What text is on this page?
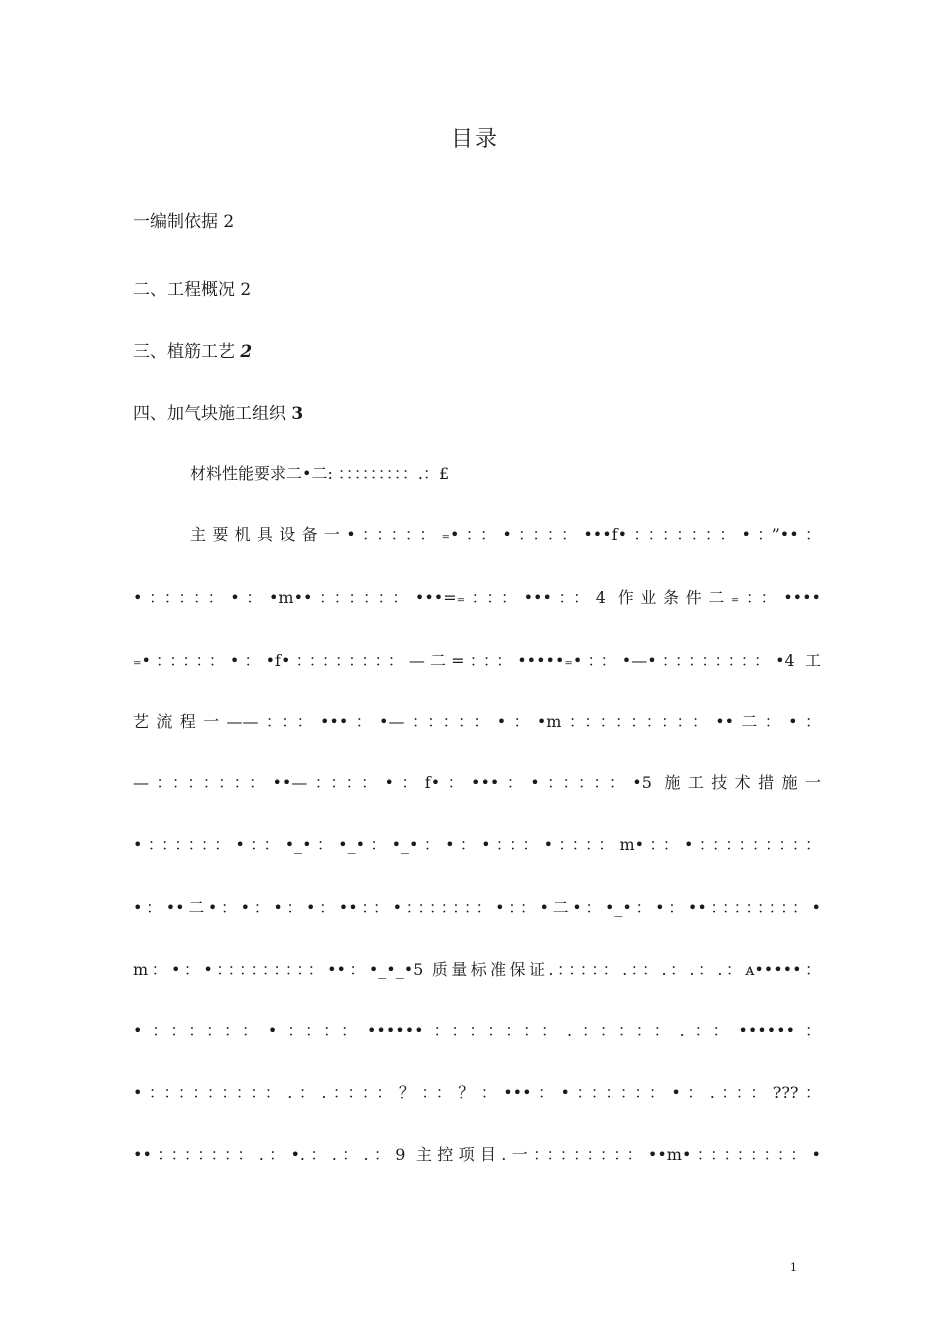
目录
一编制依据 2
二、工程概况 2
三、植筋工艺 2
四、加气块施工组织 3
材料性能要求二•二: ：：：：：：：：：.：£
主要机具设备一•：：：：：₌•：：•：：：：•••f•：：：：：：：•：”••：
•：：：：：•：•m••：：：：：：•••=₌：：：•••：：4 作业条件二₌：：••••
₌•：：：：：•：•f•：：：：：：：：—二=：：：•••••₌•：：•—•：：：：：：：：•4 工
艺流程一——：：：•••：•—：：：：：•：•m：：：：：：：：：••二：•：
—：：：：：：：••—：：：：•：f•：•••：•：：：：：•5 施工技术措施一
•：：：：：：•：：•_•：•_•：•_•：•：•：：：•：：：：m•：：•：：：：：：：：：
•：••二•：•：•：•：••：：•：：：：：：：•：：•二•：•_•：•：••：：：：：：：：•
m：•：•：：：：：：：：：••：•_•_•5 质量标准保证.：：：：：.：：.：.：.：ᴀ•••••：
•：：：：：：•：：：：••••••：：：：：：：.：：：：：.：：••••••：
•：：：：：：：：：.：.：：：：？：：？：•••：•：：：：：：•：.：：：???：
••：：：：：：：.：•.：.：.：9 主控项目.一：：：：：：：：••m•：：：：：：：：•
1
